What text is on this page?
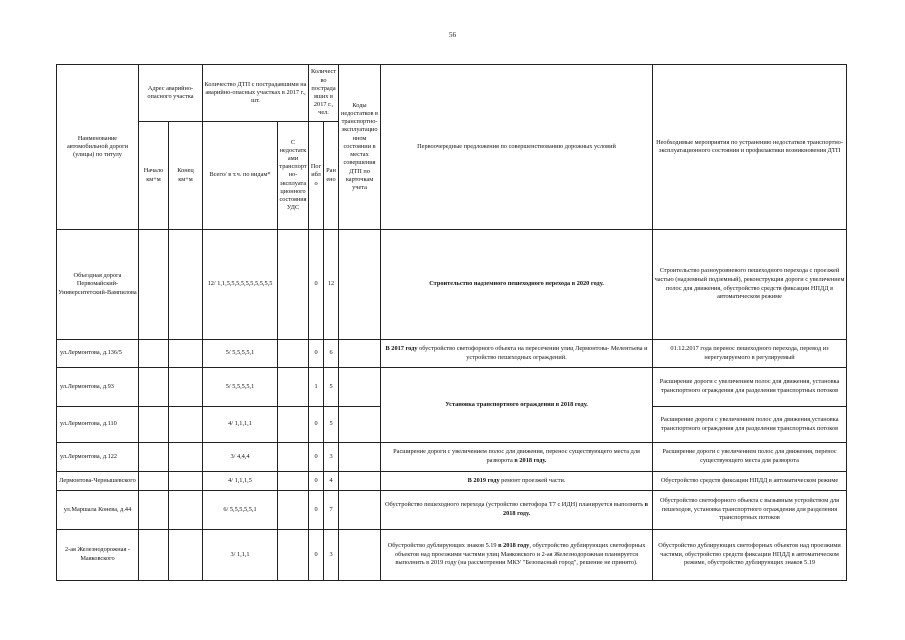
56
Наименование автомобильной дороги (улицы) по титулу	Адрес аварийно-опасного участка		Количество ДТП с пострадавшими на аварийно-опасных участках в 2017 г., шт.		Количество пострадавших в 2017 г., чел.		Коды недостатков в транспортно-эксплуатационном состоянии в местах совершения ДТП по карточкам учета	Первоочередные предложения по совершенствованию дорожных условий	Необходимые мероприятия по устранению недостатков транспортно-эксплуатационного состояния и профилактики возникновения ДТП
	Начало км+м	Конец км+м	Всего/ в т.ч. по видам*	С недостатками транспортно-эксплуатационного состояния УДС	Погибло	Ранено			
Объездная дорога Первомайский-Университетский-Вампилова			12/ 1,1,5,5,5,5,5,5,5,5,5,5		0	12		Строительство надземного пешеходного перехода в 2020 году.	Строительство разноуровневого пешеходного перехода с проезжей частью (надземный подземный), реконструкция дороги с увеличением полос для движения, обустройство средств фиксации НПДД в автоматическом режиме
ул.Лермонтова, д.136/5			5/ 5,5,5,5,1		0	6		В 2017 году обустройство светофорного объекта на пересечении улиц Лермонтова- Мелентьева и устройство пешеходных ограждений.	01.12.2017 года перенос пешеходного перехода, перевод из нерегулируемого в регулируемый
ул.Лермонтова, д.93			5/ 5,5,5,5,1		1	5		Установка транспортного ограждения в 2018 году.	Расширение дороги с увеличением полос для движения, установка транспортного ограждения для разделения транспортных потоков
ул.Лермонтова, д.110			4/ 1,1,1,1		0	5			Расширение дороги с увеличением полос для движения,установка транспортного ограждения для разделения транспортных потоков
ул.Лермонтова, д.122			3/ 4,4,4		0	3		Расширение дороги с увеличением полос для движения, перенос существующего места для разворота в 2018 году.	Расширение дороги с увеличением полос для движения, перенос существующего места для разворота
Лермонтова-Чернышевского			4/ 1,1,1,5		0	4		В 2019 году ремонт проезжей части.	Обустройство средств фиксации НПДД в автоматическом режиме
ул.Маршала Конева, д.44			6/ 5,5,5,5,5,1		0	7		Обустройство пешеходного перехода (устройство светофора Т7 с ИДН) планируется выполнить в 2018 году.	Обустройство светофорного объекта с вызывным устройством для пешеходов, установка транспортного ограждения для разделения транспортных потоков
2-ая Железнодорожная - Маяковского			3/ 1,1,1		0	3		Обустройство дублирующих знаков 5.19 в 2018 году, обустройство дублирующих светофорных объектов над проезжими частями улиц Маяковского и 2-ая Железнодорожная планируется выполнить в 2019 году (на рассмотрении МКУ "Безопасный город", решение не принято).	Обустройство дублирующих светофорных объектов над проезжими частями, обустройство средств фиксации НПДД в автоматическом режиме, обустройство дублирующих знаков 5.19
